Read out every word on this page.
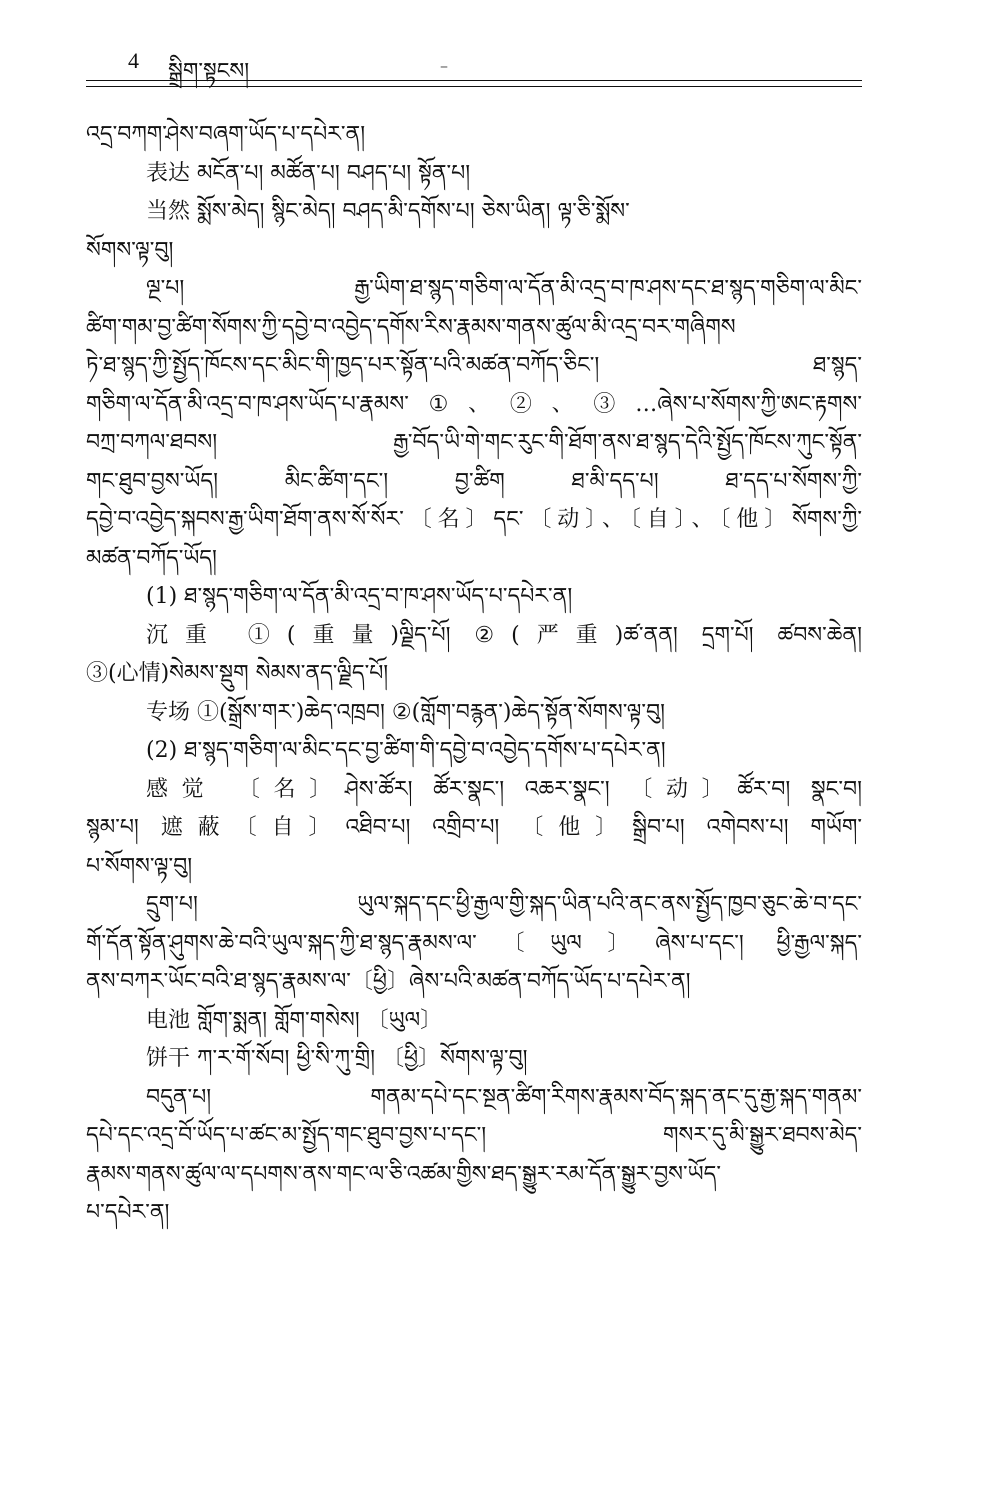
4 སྒྲིག་སྟངས།	–
འདྲ་བཀག་ཤེས་བཞག་ཡོད་པ་དཔེར་ན།
表达 མངོན་པ། མཚོན་པ། བཤད་པ། སྟོན་པ།
当然 སྨོས་མེད། སྙིང་མེད། བཤད་མི་དགོས་པ། ཅེས་ཡིན། ལྟ་ཅི་སྨོས་
སོགས་ལྟ་བུ།
ལྔ་པ། རྒྱ་ཡིག་ཐ་སྙད་གཅིག་ལ་དོན་མི་འདྲ་བ་ཁ་ཤས་དང་ཐ་སྙད་གཅིག་ལ་མིང་
ཚིག་གམ་བྱ་ཚིག་སོགས་ཀྱི་དབྱེ་བ་འབྱེད་དགོས་རིས་རྣམས་གནས་ཚུལ་མི་འདྲ་བར་གཞིགས
ཏེ་ཐ་སྙད་ཀྱི་སྤྱོད་ཁོངས་དང་མིང་གི་ཁྱད་པར་སྟོན་པའི་མཚན་བཀོད་ཅིང་། ཐ་སྙད་
གཅིག་ལ་དོན་མི་འདྲ་བ་ཁ་ཤས་ཡོད་པ་རྣམས་①、②、③…ཞེས་པ་སོགས་ཀྱི་ཨང་རྟགས་
བཀྲ་བཀལ་ཐབས། རྒྱ་བོད་ཡི་གེ་གང་རུང་གི་ཐོག་ནས་ཐ་སྙད་དེའི་སྤྱོད་ཁོངས་ཀུང་སྟོན་
གང་ཐུབ་བྱས་ཡོད། མིང་ཚིག་དང་། བྱ་ཚིག ཐ་མི་དད་པ། ཐ་དད་པ་སོགས་ཀྱི་
དབྱེ་བ་འབྱེད་སྐབས་རྒྱ་ཡིག་ཐོག་ནས་སོ་སོར་〔名〕དང་〔动〕、〔自〕、〔他〕སོགས་ཀྱི་
མཚན་བཀོད་ཡོད།
(1) ཐ་སྙད་གཅིག་ལ་དོན་མི་འདྲ་བ་ཁ་ཤས་ཡོད་པ་དཔེར་ན།
沉重 ①(重量)ལྗིད་པོ། ②(严重)ཚ་ནན། དྲག་པོ། ཚབས་ཆེན།
③(心情)སེམས་སྡུག སེམས་ནད་ལྗིད་པོ།
专场 ①(སྒྲོས་གར་)ཆེད་འཁྲབ། ②(གློག་བརྙན་)ཆེད་སྟོན་སོགས་ལྟ་བུ།
(2) ཐ་སྙད་གཅིག་ལ་མིང་དང་བྱ་ཚིག་གི་དབྱེ་བ་འབྱེད་དགོས་པ་དཔེར་ན།
感觉 〔名〕ཤེས་ཚོར། ཚོར་སྣང་། འཆར་སྣང་། 〔动〕ཚོར་བ། སྣང་བ།
སྙམ་པ། 遮蔽〔自〕འཐིབ་པ། འགྲིབ་པ། 〔他〕སྒྲིབ་པ། འགེབས་པ། གཡོག་
པ་སོགས་ལྟ་བུ།
དྲུག་པ། ཡུལ་སྐད་དང་ཕྱི་རྒྱལ་གྱི་སྐད་ཡིན་པའི་ནང་ནས་སྤྱོད་ཁྱབ་ཅུང་ཆེ་བ་དང་
གོ་དོན་སྟོན་ཤུགས་ཆེ་བའི་ཡུལ་སྐད་ཀྱི་ཐ་སྙད་རྣམས་ལ་〔ཡུལ〕ཞེས་པ་དང་། ཕྱི་རྒྱལ་སྐད་
ནས་བཀར་ཡོང་བའི་ཐ་སྙད་རྣམས་ལ་〔ཕྱི〕ཞེས་པའི་མཚན་བཀོད་ཡོད་པ་དཔེར་ན།
电池 གློག་སྨན། གློག་གསེས། 〔ཡུལ〕
饼干 ཀ་ར་གོ་སོབ། ཕྱི་སི་ཀུ་གྲི། 〔ཕྱི〕སོགས་ལྟ་བུ།
བདུན་པ། གནམ་དཔེ་དང་སྔན་ཚིག་རིགས་རྣམས་བོད་སྐད་ནང་དུ་རྒྱ་སྐད་གནམ་
དཔེ་དང་འདྲ་བོ་ཡོད་པ་ཚང་མ་སྤྱོད་གང་ཐུབ་བྱས་པ་དང་། གསར་དུ་མི་སྒྱུར་ཐབས་མེད་
རྣམས་གནས་ཚུལ་ལ་དཔགས་ནས་གང་ལ་ཅི་འཚམ་གྱིས་ཐད་སྒྱུར་རམ་དོན་སྒྱུར་བྱས་ཡོད་
པ་དཔེར་ན།
